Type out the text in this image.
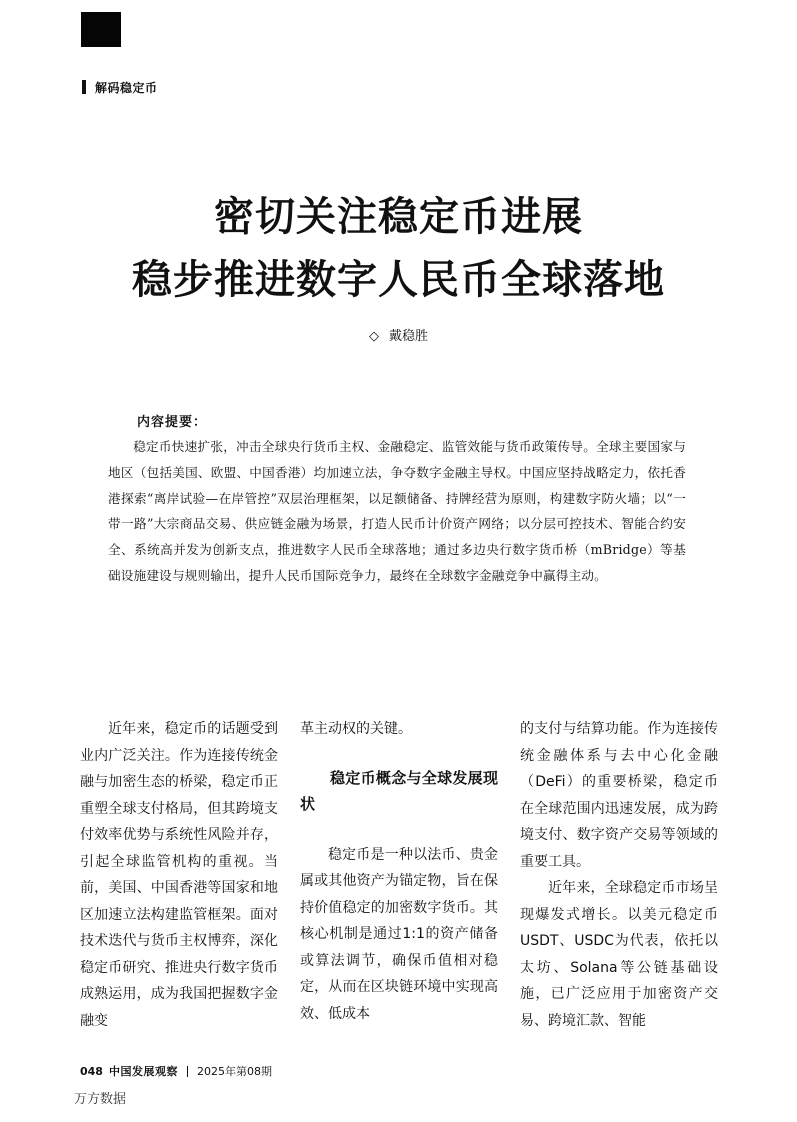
解码稳定币
密切关注稳定币进展
稳步推进数字人民币全球落地
◇ 戴稳胜
内容提要：

稳定币快速扩张，冲击全球央行货币主权、金融稳定、监管效能与货币政策传导。全球主要国家与地区（包括美国、欧盟、中国香港）均加速立法，争夺数字金融主导权。中国应坚持战略定力，依托香港探索“离岸试验—在岸管控”双层治理框架，以足额储备、持牌经营为原则，构建数字防火墙；以“一带一路”大宗商品交易、供应链金融为场景，打造人民币计价资产网络；以分层可控技术、智能合约安全、系统高并发为创新支点，推进数字人民币全球落地；通过多边央行数字货币桥（mBridge）等基础设施建设与规则输出，提升人民币国际竞争力，最终在全球数字金融竞争中赢得主动。

近年来，稳定币的话题受到业内广泛关注。作为连接传统金融与加密生态的桥梁，稳定币正重塑全球支付格局，但其跨境支付效率优势与系统性风险并存，引起全球监管机构的重视。当前，美国、中国香港等国家和地区加速立法构建监管框架。面对技术迭代与货币主权博弈，深化稳定币研究、推进央行数字货币成熟运用，成为我国把握数字金融变

革主动权的关键。

稳定币概念与全球发展现状

稳定币是一种以法币、贵金属或其他资产为锚定物，旨在保持价值稳定的加密数字货币。其核心机制是通过1:1的资产储备或算法调节，确保币值相对稳定，从而在区块链环境中实现高效、低成本

的支付与结算功能。作为连接传统金融体系与去中心化金融（DeFi）的重要桥梁，稳定币在全球范围内迅速发展，成为跨境支付、数字资产交易等领域的重要工具。

近年来，全球稳定币市场呈现爆发式增长。以美元稳定币USDT、USDC为代表，依托以太坊、Solana等公链基础设施，已广泛应用于加密资产交易、跨境汇款、智能

048 中国发展观察 2025年第08期
万方数据
